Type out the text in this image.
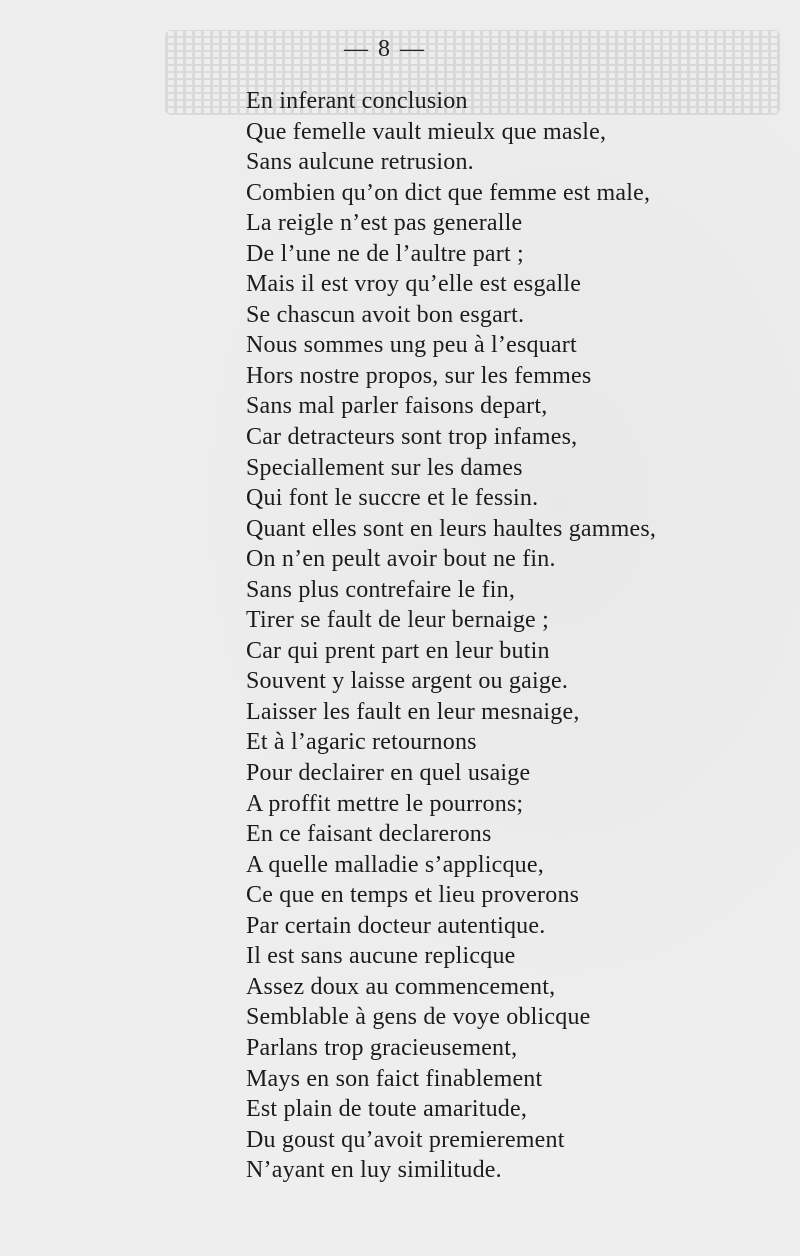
— 8 —
En inferant conclusion
Que femelle vault mieulx que masle,
Sans aulcune retrusion.
Combien qu’on dict que femme est male,
La reigle n’est pas generalle
De l’une ne de l’aultre part ;
Mais il est vroy qu’elle est esgalle
Se chascun avoit bon esgart.
Nous sommes ung peu à l’esquart
Hors nostre propos, sur les femmes
Sans mal parler faisons depart,
Car detracteurs sont trop infames,
Speciallement sur les dames
Qui font le succre et le fessin.
Quant elles sont en leurs haultes gammes,
On n’en peult avoir bout ne fin.
Sans plus contrefaire le fin,
Tirer se fault de leur bernaige ;
Car qui prent part en leur butin
Souvent y laisse argent ou gaige.
Laisser les fault en leur mesnaige,
Et à l’agaric retournons
Pour declairer en quel usaige
A proffit mettre le pourrons;
En ce faisant declarerons
A quelle malladie s’applicque,
Ce que en temps et lieu proverons
Par certain docteur autentique.
Il est sans aucune replicque
Assez doux au commencement,
Semblable à gens de voye oblicque
Parlans trop gracieusement,
Mays en son faict finablement
Est plain de toute amaritude,
Du goust qu’avoit premierement
N’ayant en luy similitude.
